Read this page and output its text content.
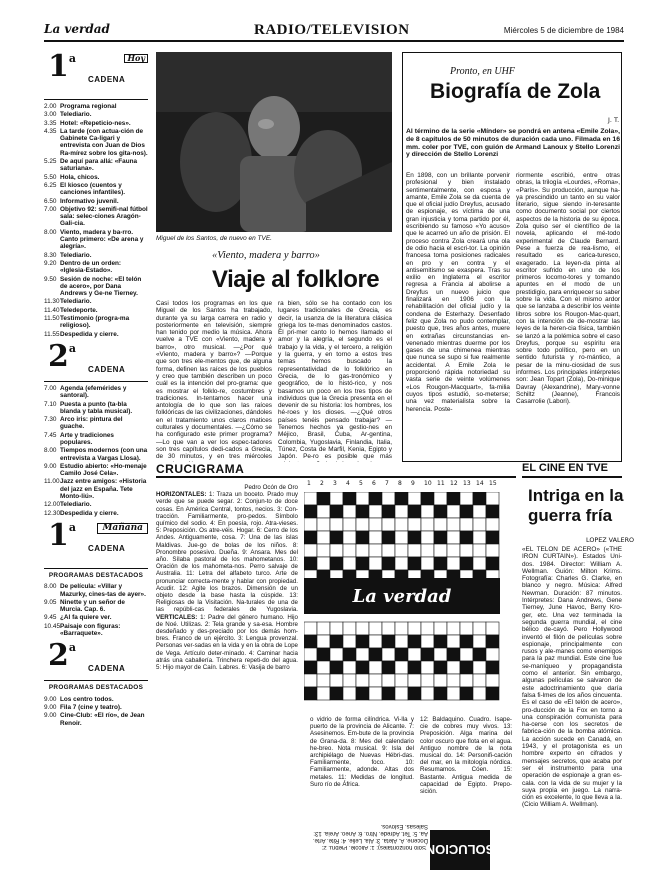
La verdad	RADIO/TELEVISION	Miércoles 5 de diciembre de 1984
1$^a$
CADENA
Hoy
2.00 Programa regional
3.00 Telediario.
3.35 Hotel: «Repeticio-nes».
4.35 La tarde (con actua-ción de Gabinete Ca-ligari y entrevista con Juan de Dios Ra-mírez sobre los gita-nos).
5.25 De aquí para allá: «Fauna saturiana».
5.50 Hola, chicos.
6.25 El kiosco (cuentos y canciones infantiles).
6.50 Informativo juvenil.
7.00 Objetivo 92: semifi-nal fútbol sala: selec-ciones Aragón-Gali-cia.
8.00 Viento, madera y ba-rro. Canto primero: «De arena y alegría».
8.30 Telediario.
9.20 Dentro de un orden: «Iglesia-Estado».
9.50 Sesión de noche: «El telón de acero», por Dana Andrews y Ge-ne Tierney.
11.30 Telediario.
11.40 Teledeporte.
11.50 Testimonio (progra-ma religioso).
11.55 Despedida y cierre.
2$^a$
CADENA
7.00 Agenda (efemérides y santoral).
7.10 Puesta a punto (ta-bla blanda y tabla musical).
7.30 Arco iris: pintura del guache.
7.45 Arte y tradiciones populares.
8.00 Tiempos modernos (con una entrevista a Vargas Llosa).
9.00 Estudio abierto: «Ho-menaje Camilo José Cela».
11.00 Jazz entre amigos: «Historia del jazz en España. Tete Monto-liú».
12.00 Telediario.
12.30 Despedida y cierre.
1$^a$
CADENA
Mañana
PROGRAMAS DESTACADOS
8.00 De película: «Villar y Mazurky, cines-tas de ayer».
9.05 Ninette y un señor de Murcia. Cap. 6.
9.45 ¿Al fa quiere ver.
10.45 Paisaje con figuras: «Barraquete».
2$^a$
CADENA
PROGRAMAS DESTACADOS
9.00 Los centro todos.
9.00 Fila 7 (cine y teatro).
9.00 Cine-Club: «El río», de Jean Renoir.
Miguel de los Santos, de nuevo en TVE.
«Viento, madera y barro»
Viaje al folklore
Casi todos los programas en los que Miguel de los Santos ha trabajado, durante ya su larga carrera en radio y posteriormente en televisión, siempre han tenido por medio la música. Ahora vuelve a TVE con «Viento, madera y barro», otro musical. —¿Por qué «Viento, madera y barro»? —Porque que son tres ele-mentos que, de alguna forma, definen las raíces de los pueblos y creo que también describen un poco cuál es la intención del pro-grama: que es mostrar el folklo-re, costumbres y tradiciones. In-tentamos hacer una antología de lo que son las raíces folklóricas de las civilizaciones, dándoles en el tratamiento unos claros matices culturales y documentales. —¿Cómo se ha configurado este primer programa? —Lo que van a ver los espec-tadores son tres capítulos dedi-cados a Grecia, de 30 minutos, y en tres miércoles
ra bien, sólo se ha contado con los lugares tradicionales de Grecia, es decir, la usanza de la literatura clásica griega los te-mas denominados castos. El pri-mer canto lo hemos llamado el amor y la alegría, el segundo es el trabajo y la vida, y el tercero, a religión y la guerra, y en torno a estos tres temas hemos buscado la representatividad de lo folklórico en Grecia, de lo gas-tronómico y geográfico, de lo histó-rico, y nos basamos un poco en los tres tipos de individuos que la Grecia presenta en el devenir de su historia: los hombres, los hé-roes y los dioses. —¿Qué otros países tenéis pensado trabajar? —Tenemos hechos ya gestio-nes en Méjico, Brasil, Cuba, Ar-gentina, Colombia, Yugoslavia, Finlandia, Italia, Túnez, Costa de Marfil, Kenia, Egipto y Japón. Pe-ro es posible que más
Pronto, en UHF
Biografía de Zola
J. T.
Al término de la serie «Mínder» se pondrá en antena «Emile Zola», de 8 capítulos de 50 minutos de duración cada uno. Filmada en 16 mm. coler por TVE, con guión de Armand Lanoux y Stello Lorenzi y dirección de Stello Lorenzi
En 1898, con un brillante porvenir profesional y bien instalado sentimentalmente, con esposa y amante, Emile Zola se da cuenta de que el oficial judío Dreyfus, acusado de espionaje, es víctima de una gran injusticia y toma partido por él, escribiendo su famoso «Yo acuso» que le acarreó un año de prisión. El proceso contra Zola creará una ola de odio hacia el escri-tor. La opinión francesa toma posiciones radicales en pro y en contra y el antisemitismo se exaspera. Tras su exilio en Inglaterra el escritor regresa a Francia al abolirse a Dreyfus un nuevo juicio que finalizará en 1906 con la rehabilitación del oficial judío y la condena de Esterhazy. Desenfado feliz que Zola no pudo contemplar, puesto que, tres años antes, muere en extrañas circunstancias en-venenado mientras duerme por los gases de una chimenea mientras que nunca se supo si fue realmente accidental. A Emile Zola le proporcionó rápida notoriedad su vasta serie de veinte volúmenes «Los Rougon-Macquart», fa-milia cuyos tipos estudió, so-meterse; una vez materialista sobre la herencia. Poste-
riormente escribió, entre otras obras, la trilogía «Lourdes, «Roma», «París». Su producción, aunque ha-ya prescindido un tanto en su valor literario, sigue siendo in-teresante como documento social por ciertos aspectos de la historia de su época. Zola quiso ser el científico de la novela, aplicando el mé-todo experimental de Claude Bernard. Pese a fuerza de rea-lismo, el resultado es carica-turesco, exagerado. La leyen-da pinta al escritor sufrido en uno de los primeros locomo-tores y tomando apuntes en el modo de un prestidigio, para enriquecer su saber sobre la vida. Con el mismo ardor que se lanzaba a describir los veinte libros sobre los Rougon-Mac-quart, con la intención de de-mostrar las leyes de la heren-cia física, también se lanzó a la polémica sobre el caso Dreyfus, porque su espíritu era sobre todo político, pero en un sentido futurista y ro-mántico, a pesar de la minu-ciosidad de sus informes. Los principales intérpretes son: Jean Topart (Zola), Do-minique Davray (Alexandrine), Mary-vonne Schiltz (Jeanne), Francois Casarrolie (Labori).
CRUCIGRAMA
Pedro Ocón de Oro
HORIZONTALES: 1: Traza un boceto. Prado muy verde que se puede segar. 2: Conjun-to de doce cosas. En América Central, tontos, necios. 3: Con-tracción. Familiarmente, pro-pedos. Símbolo químico del sodio. 4: En poesía, rojo. Atra-vieses. 5: Preposición. Os atre-véis. Hogar. 6: Cerro de los Andes. Antiguamente, cosa. 7: Una de las islas Maldivas. Jue-go de bolas de los niños. 8: Pronombre posesivo. Dueña. 9: Ansara. Mes del año. Sílaba pastoral de los mahometanos. 10: Oración de los mahometa-nos. Perro salvaje de Australia. 11: Letra del alfabeto turco. Arte de pronunciar correcta-mente y hablar con propiedad. Acudir. 12: Agite los brazos. Dimensión de un objeto desde la base hasta la cúspide. 13: Religiosas de la Visitación. Na-turales de una de las repúbli-cas federales de Yugoslavia. VERTICALES: 1: Padre del género humano. Hijo de Noé. Utilizas. 2: Tela grande y sa-esa. Hombre desdeñado y des-preciado por los demás hom-bres. Franco de un ejército. 3: Lengua provenzal. Personas ver-sadas en la vida y en la obra de Lope de Vega. Artículo deter-minado. 4: Caminar hacia atrás una caballería. Trinchera repeti-do del agua. 5: Hijo mayor de Caín. Labres. 6: Vasija de barro
1 2 3 4 5 6 7 8 9 10 11 12 13 14 15
La verdad
o vidrio de forma cilíndrica. Vi-lla y puerto de la provincia de Alicante. 7: Asesinemos. Em-bute de la provincia de Grana-da. 8: Mes del calendario he-breo. Nota musical. 9: Isla del archipiélago de Nuevas Hébri-das. Familiarmente, foco. 10: Familiarmente, adonde. Altas dos metales. 11: Medidas de longitud. Suro río de África.
12: Baldaquino. Cuadro. Isape-cie de cobres muy vivos. 13: Preposición. Alga marina del color oscuro que flota en el agua. Antiguo nombre de la nota musical do. 14: Personifi-cación del mar, en la mitología nórdica. Resumamos. Cóen. 15: Bastante. Antigua medida de capacidad de Egipto. Prepo-sición.
(Sólo horizontales): 1: Alicolé. Piebru. 2: Docene. A. Aleta. 3: Ala. Lelie. 4: Rite. Arte. Aa. 5: Tet. Adrede. Ntro. 6: Aneo. Areia. 13: Salesas. Eslovos.
SOLUCION
EL CINE EN TVE
Intriga en la guerra fría
LOPEZ VALERO
«EL TELON DE ACERO» («THE IRON CURTAIN»). Estados Uni-dos. 1984. Director: William A. Wellman. Guión: Milton Krims. Fotografía: Charles G. Clarke, en blanco y negro. Música: Alfred Newman. Duración: 87 minutos. Intérpretes: Dana Andrews, Gene Tierney, June Havoc, Berry Kro-ger, etc. Una vez terminada la segunda guerra mundial, el cine bélico de-cayó. Pero Hollywood inventó el filón de películas sobre espionaje, principalmente con rusos y ale-manes como enemigos para la paz mundial. Este cine fue se-maníqueo y propagandista como el anterior. Sin embargo, algunas películas se salvaron de este adoctrinamiento que daría falsa fi-lmes de los años cincuenta. Es el caso de «El telón de acero», pro-ducción de la Fox en torno a una conspiración comunista para ha-cerse con los secretos de fabrica-ción de la bomba atómica. La acción sucede en Canadá, en 1943, y el protagonista es un hombre experto en cifrados y mensajes secretos, que acaba por ser el instrumento para una operación de espionaje a gran es-cala. con la vida de su mujer y la suya propia en juego. La narra-ción es excelente, lo que lleva a la. (Cicio William A. Wellman).
